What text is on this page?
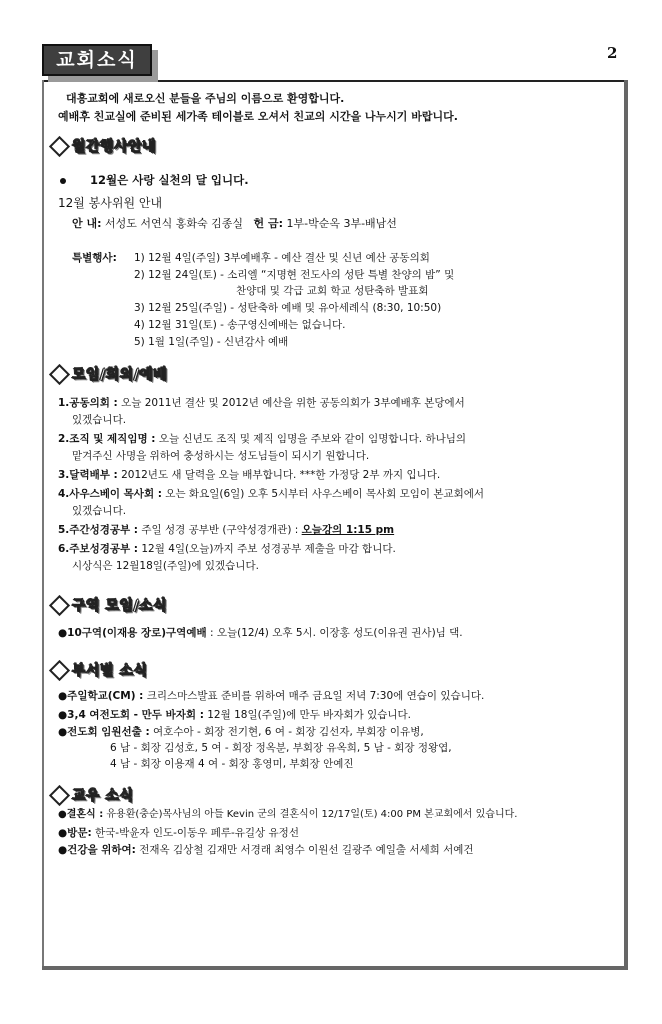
교회소식	2
대흥교회에 새로오신 분들을 주님의 이름으로 환영합니다.
예배후 친교실에 준비된 세가족 테이블로 오셔서 친교의 시간을 나누시기 바랍니다.
월간행사안내
12월은 사랑 실천의 달 입니다.
12월 봉사위원 안내
안 내: 서성도 서연식 홍화숙 김종실 헌 금: 1부-박순옥 3부-배남선
특별행사: 1) 12월 4일(주일) 3부예배후 - 예산 결산 및 신년 예산 공동의회
2) 12월 24일(토) - 소리엘 “지명현 전도사의 성탄 특별 찬양의 밤” 및
찬양대 및 각급 교회 학교 성탄축하 발표회
3) 12월 25일(주일) - 성탄축하 예배 및 유아세례식 (8:30, 10:50)
4) 12월 31일(토) - 송구영신예배는 없습니다.
5) 1월 1일(주일) - 신년감사 예배
모임/회의/예배
1.공동의회 : 오늘 2011년 결산 및 2012년 예산을 위한 공동의회가 3부예배후 본당에서
있겠습니다.
2.조직 및 제직임명 : 오늘 신년도 조직 및 제직 임명을 주보와 같이 임명합니다. 하나님의
맡겨주신 사명을 위하여 충성하시는 성도님들이 되시기 원합니다.
3.달력배부 : 2012년도 새 달력을 오늘 배부합니다. ***한 가정당 2부 까지 입니다.
4.사우스베이 목사회 : 오는 화요일(6일) 오후 5시부터 사우스베이 목사회 모임이 본교회에서
있겠습니다.
5.주간성경공부 : 주일 성경 공부반 (구약성경개관) : 오늘강의 1:15 pm
6.주보성경공부 : 12월 4일(오늘)까지 주보 성경공부 제출을 마감 합니다.
시상식은 12월18일(주일)에 있겠습니다.
구역 모임/소식
●10구역(이재용 장로)구역예배 : 오늘(12/4) 오후 5시. 이장홍 성도(이유권 권사)님 댁.
부서별 소식
●주일학교(CM) : 크리스마스발표 준비를 위하여 매주 금요일 저녁 7:30에 연습이 있습니다.
●3,4 여전도회 - 만두 바자회 : 12월 18일(주일)에 만두 바자회가 있습니다.
●전도회 임원선출 : 여호수아 - 회장 전기현, 6 여 - 회장 김선자, 부회장 이유병,
6 남 - 회장 김성호, 5 여 - 회장 정옥분, 부회장 유옥희, 5 남 - 회장 정왕엽,
4 남 - 회장 이용재 4 여 - 회장 홍영미, 부회장 안예진
교우 소식
●결혼식 : 유용환(충순)목사님의 아들 Kevin 군의 결혼식이 12/17일(토) 4:00 PM 본교회에서 있습니다.
●방문: 한국-박윤자 인도-이동우 페루-유길상 유정선
●건강을 위하여: 전재옥 김상철 김재만 서경래 최영수 이원선 길광주 예일출 서세희 서예건
